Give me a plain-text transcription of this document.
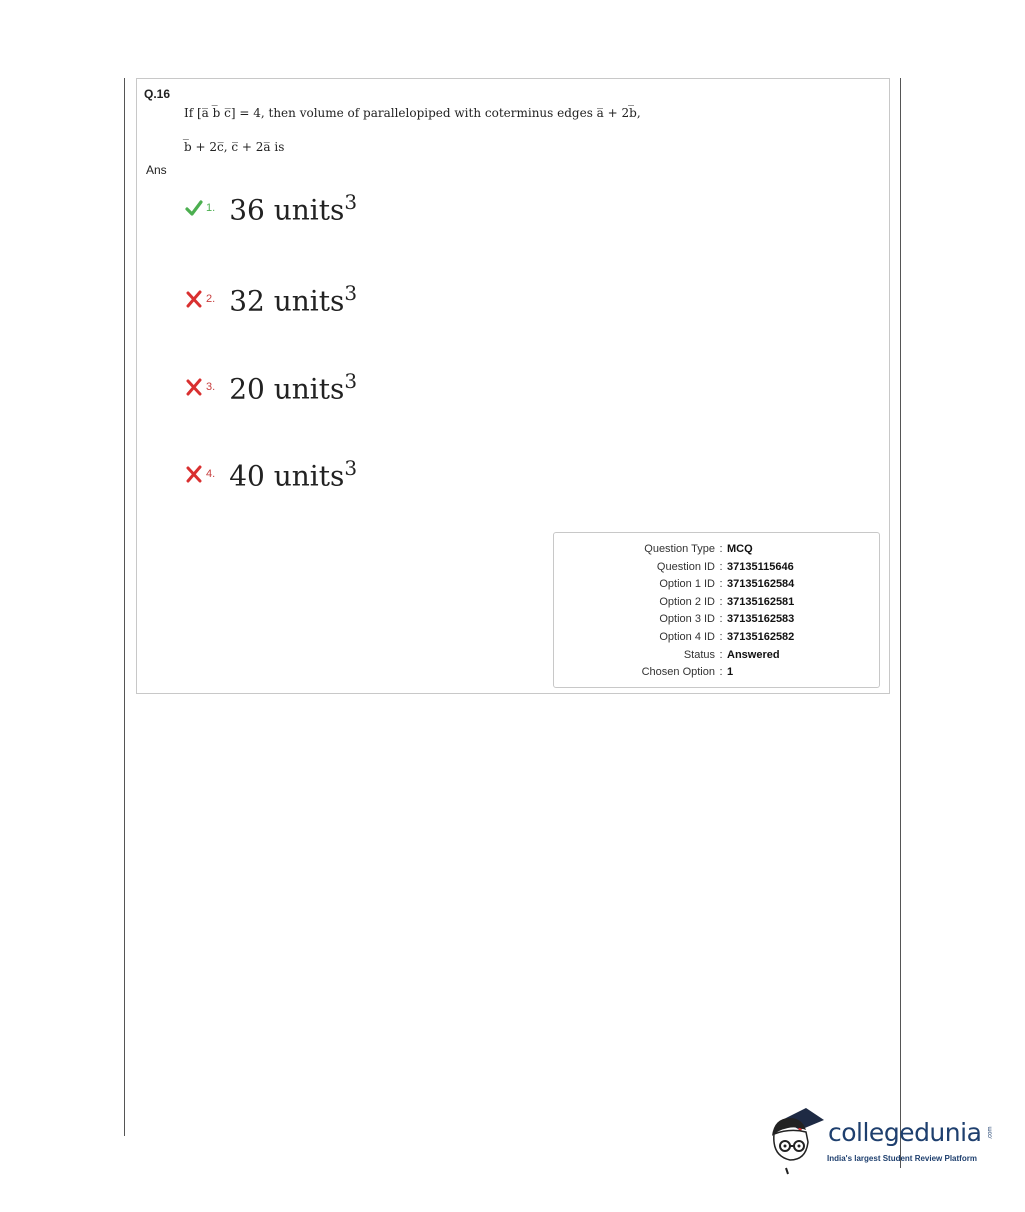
Q.16
If [a̅ b̅ c̅] = 4, then volume of parallelopiped with coterminus edges a̅ + 2b̅,
b̅ + 2c̅, c̅ + 2a̅ is
Ans
1. 36 units$^3$
2. 32 units$^3$
3. 20 units$^3$
4. 40 units$^3$
Question Type : MCQ
Question ID : 37135115646
Option 1 ID : 37135162584
Option 2 ID : 37135162581
Option 3 ID : 37135162583
Option 4 ID : 37135162582
Status : Answered
Chosen Option : 1
collegedunia .com
India's largest Student Review Platform
